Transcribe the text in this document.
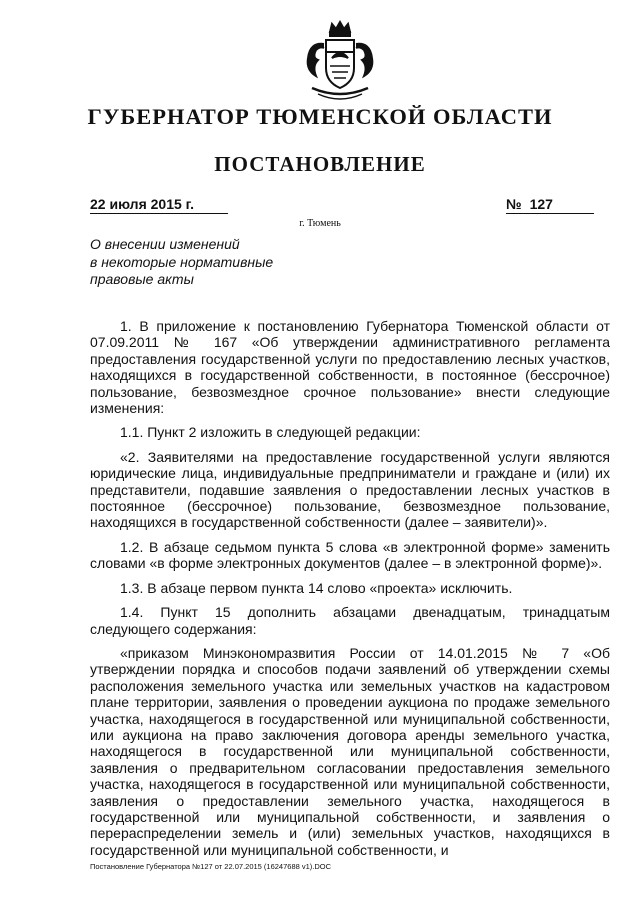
ГУБЕРНАТОР ТЮМЕНСКОЙ ОБЛАСТИ
ПОСТАНОВЛЕНИЕ
22 июля 2015 г.	№ 127
г. Тюмень
О внесении изменений
в некоторые нормативные
правовые акты

1. В приложение к постановлению Губернатора Тюменской области от 07.09.2011 № 167 «Об утверждении административного регламента предоставления государственной услуги по предоставлению лесных участков, находящихся в государственной собственности, в постоянное (бессрочное) пользование, безвозмездное срочное пользование» внести следующие изменения:

1.1. Пункт 2 изложить в следующей редакции:

«2. Заявителями на предоставление государственной услуги являются юридические лица, индивидуальные предприниматели и граждане и (или) их представители, подавшие заявления о предоставлении лесных участков в постоянное (бессрочное) пользование, безвозмездное пользование, находящихся в государственной собственности (далее – заявители)».

1.2. В абзаце седьмом пункта 5 слова «в электронной форме» заменить словами «в форме электронных документов (далее – в электронной форме)».

1.3. В абзаце первом пункта 14 слово «проекта» исключить.

1.4. Пункт 15 дополнить абзацами двенадцатым, тринадцатым следующего содержания:

«приказом Минэкономразвития России от 14.01.2015 № 7 «Об утверждении порядка и способов подачи заявлений об утверждении схемы расположения земельного участка или земельных участков на кадастровом плане территории, заявления о проведении аукциона по продаже земельного участка, находящегося в государственной или муниципальной собственности, или аукциона на право заключения договора аренды земельного участка, находящегося в государственной или муниципальной собственности, заявления о предварительном согласовании предоставления земельного участка, находящегося в государственной или муниципальной собственности, заявления о предоставлении земельного участка, находящегося в государственной или муниципальной собственности, и заявления о перераспределении земель и (или) земельных участков, находящихся в государственной или муниципальной собственности, и

Постановление Губернатора №127 от 22.07.2015 (16247688 v1).DOC
